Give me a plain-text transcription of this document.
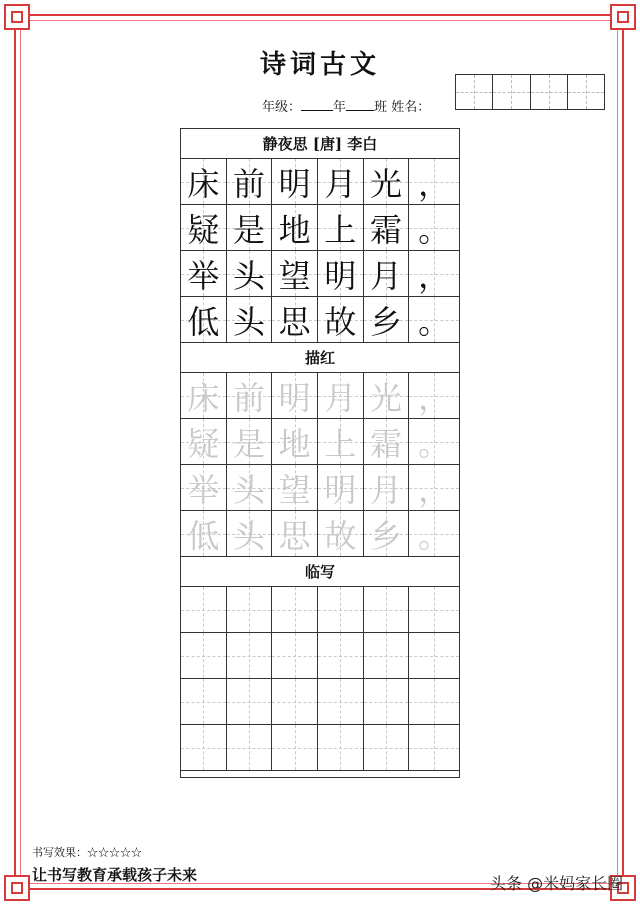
诗词古文
年级： 年 班 姓名：
静夜思 [唐] 李白
床 前 明 月 光 ，
疑 是 地 上 霜 。
举 头 望 明 月 ，
低 头 思 故 乡 。
描红
床 前 明 月 光 ，
疑 是 地 上 霜 。
举 头 望 明 月 ，
低 头 思 故 乡 。
临写
书写效果：☆☆☆☆☆
让书写教育承载孩子未来	头条 @米妈家长圈
